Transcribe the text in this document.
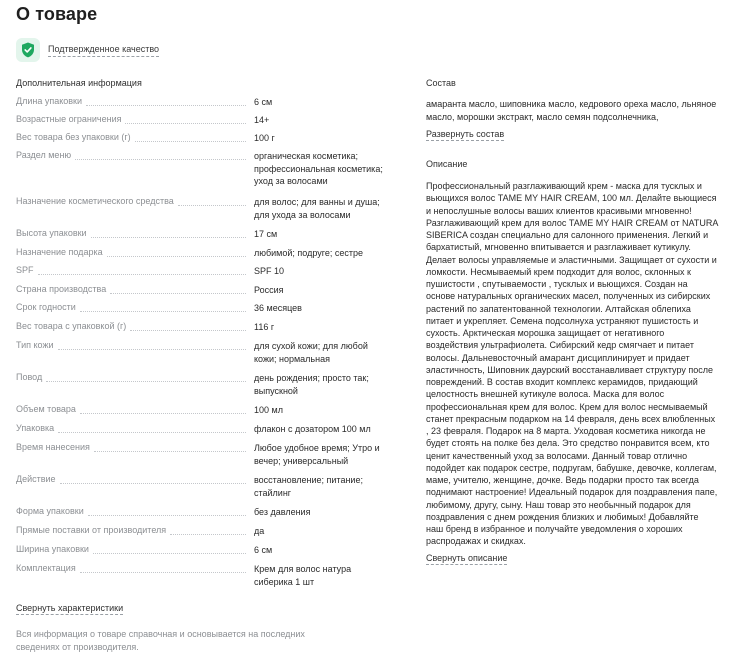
О товаре
Подтвержденное качество
Дополнительная информация
Длина упаковки	6 см
Возрастные ограничения	14+
Вес товара без упаковки (г)	100 г
Раздел меню	органическая косметика; профессиональная косметика; уход за волосами
Назначение косметического средства	для волос; для ванны и душа; для ухода за волосами
Высота упаковки	17 см
Назначение подарка	любимой; подруге; сестре
SPF	SPF 10
Страна производства	Россия
Срок годности	36 месяцев
Вес товара с упаковкой (г)	116 г
Тип кожи	для сухой кожи; для любой кожи; нормальная
Повод	день рождения; просто так; выпускной
Объем товара	100 мл
Упаковка	флакон с дозатором 100 мл
Время нанесения	Любое удобное время; Утро и вечер; универсальный
Действие	восстановление; питание; стайлинг
Форма упаковки	без давления
Прямые поставки от производителя	да
Ширина упаковки	6 см
Комплектация	Крем для волос натура сиберика 1 шт
Свернуть характеристики
Вся информация о товаре справочная и основывается на последних сведениях от производителя.
Состав
амаранта масло, шиповника масло, кедрового ореха масло, льняное масло, морошки экстракт, масло семян подсолнечника,
Развернуть состав
Описание
Профессиональный разглаживающий крем - маска для тусклых и вьющихся волос TAME MY HAIR CREAM, 100 мл. Делайте вьющиеся и непослушные волосы ваших клиентов красивыми мгновенно! Разглаживающий крем для волос TAME MY HAIR CREAM от NATURA SIBERICA создан специально для салонного применения. Легкий и бархатистый, мгновенно впитывается и разглаживает кутикулу. Делает волосы управляемые и эластичными. Защищает от сухости и ломкости. Несмываемый крем подходит для волос, склонных к пушистости , спутываемости , тусклых и вьющихся. Создан на основе натуральных органических масел, полученных из сибирских растений по запатентованной технологии. Алтайская облепиха питает и укрепляет. Семена подсолнуха устраняют пушистость и сухость. Арктическая морошка защищает от негативного воздействия ультрафиолета. Сибирский кедр смягчает и питает волосы. Дальневосточный амарант дисциплинирует и придает эластичность, Шиповник даурский восстанавливает структуру после повреждений. В состав входит комплекс керамидов, придающий целостность внешней кутикуле волоса. Маска для волос профессиональная крем для волос. Крем для волос несмываемый станет прекрасным подарком на 14 февраля, день всех влюбленных , 23 февраля. Подарок на 8 марта. Уходовая косметика никогда не будет стоять на полке без дела. Это средство понравится всем, кто ценит качественный уход за волосами. Данный товар отлично подойдет как подарок сестре, подругам, бабушке, девочке, коллегам, маме, учителю, женщине, дочке. Ведь подарки просто так всегда поднимают настроение! Идеальный подарок для поздравления папе, любимому, другу, сыну. Наш товар это необычный подарок для поздравления с днем рождения близких и любимых! Добавляйте наш бренд в избранное и получайте уведомления о хороших распродажах и скидках.
Свернуть описание
